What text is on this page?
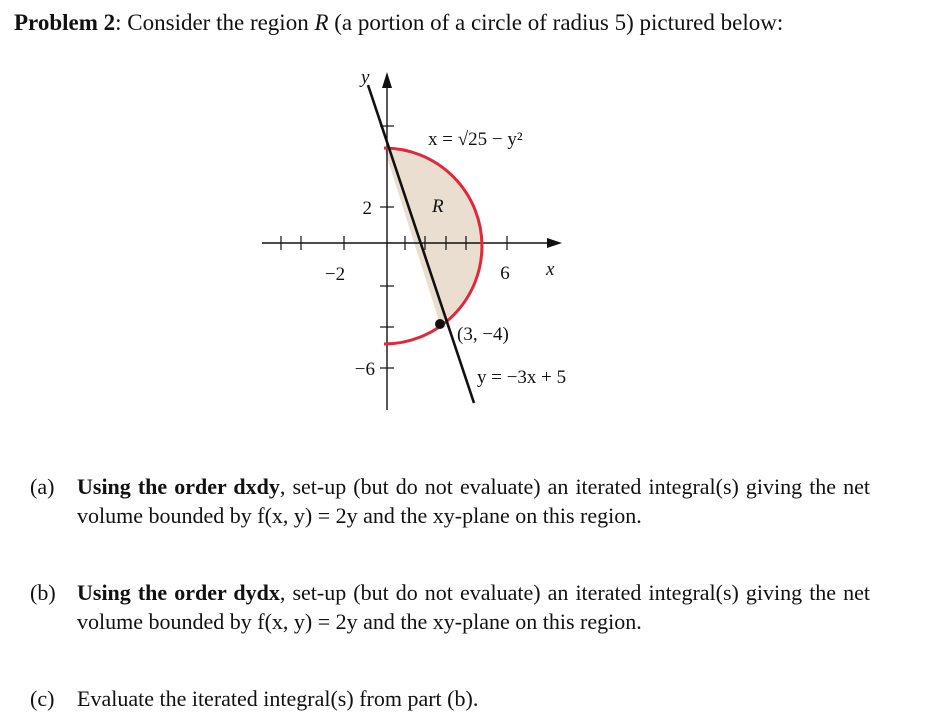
Problem 2: Consider the region R (a portion of a circle of radius 5) pictured below:
y
x
−2	6
2
−6
R
x = √25 − y²
(3, −4)
y = −3x + 5
(a) Using the order dxdy, set-up (but do not evaluate) an iterated integral(s) giving the net volume bounded by f(x, y) = 2y and the xy-plane on this region.
(b) Using the order dydx, set-up (but do not evaluate) an iterated integral(s) giving the net volume bounded by f(x, y) = 2y and the xy-plane on this region.
(c) Evaluate the iterated integral(s) from part (b).
